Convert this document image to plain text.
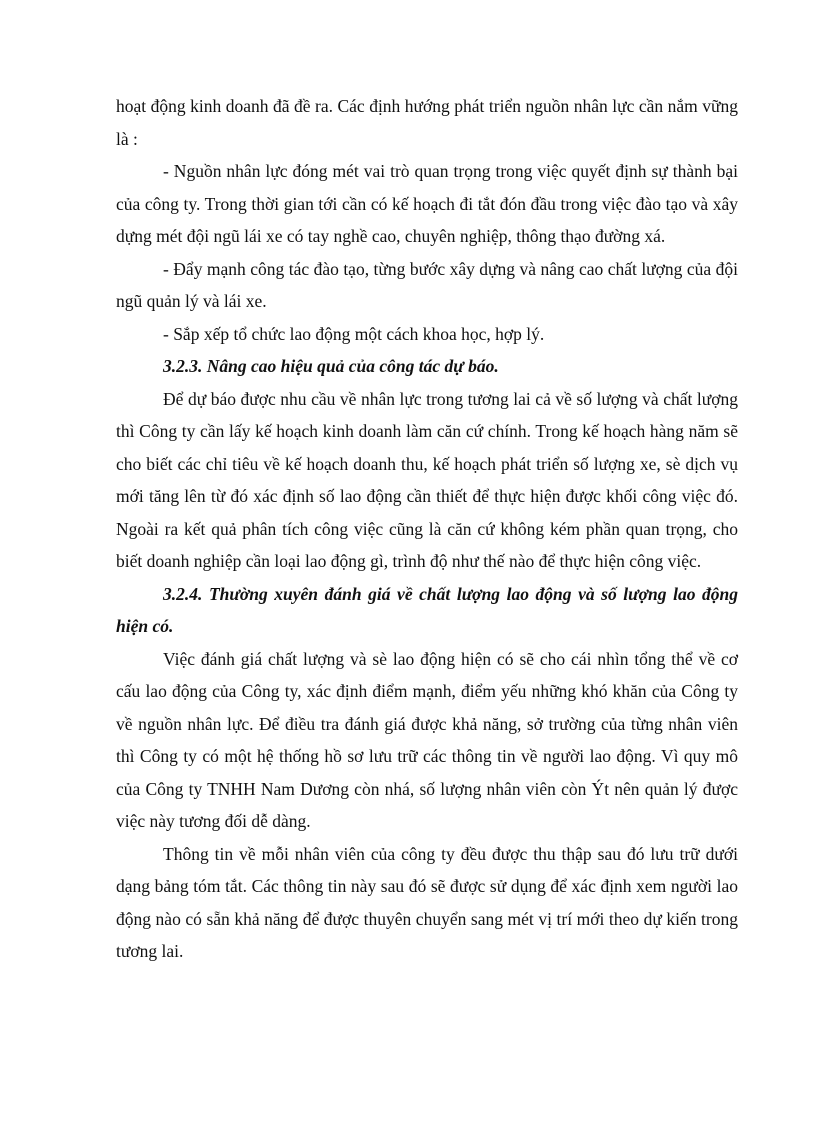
hoạt động kinh doanh đã đề ra. Các định hướng phát triển nguồn nhân lực cần nắm vững là :

- Nguồn nhân lực đóng mét vai trò quan trọng trong việc quyết định sự thành bại của công ty. Trong thời gian tới cần có kế hoạch đi tắt đón đầu trong việc đào tạo và xây dựng mét đội ngũ lái xe có tay nghề cao, chuyên nghiệp, thông thạo đường xá.

- Đẩy mạnh công tác đào tạo, từng bước xây dựng và nâng cao chất lượng của đội ngũ quản lý và lái xe.

- Sắp xếp tổ chức lao động một cách khoa học, hợp lý.

3.2.3. Nâng cao hiệu quả của công tác dự báo.

Để dự báo được nhu cầu về nhân lực trong tương lai cả về số lượng và chất lượng thì Công ty cần lấy kế hoạch kinh doanh làm căn cứ chính. Trong kế hoạch hàng năm sẽ cho biết các chỉ tiêu về kế hoạch doanh thu, kế hoạch phát triển số lượng xe, sè dịch vụ mới tăng lên từ đó xác định số lao động cần thiết để thực hiện được khối công việc đó. Ngoài ra kết quả phân tích công việc cũng là căn cứ không kém phần quan trọng, cho biết doanh nghiệp cần loại lao động gì, trình độ như thế nào để thực hiện công việc.

3.2.4. Thường xuyên đánh giá về chất lượng lao động và số lượng lao động hiện có.

Việc đánh giá chất lượng và sè lao động hiện có sẽ cho cái nhìn tổng thể về cơ cấu lao động của Công ty, xác định điểm mạnh, điểm yếu những khó khăn của Công ty về nguồn nhân lực. Để điều tra đánh giá được khả năng, sở trường của từng nhân viên thì Công ty có một hệ thống hồ sơ lưu trữ các thông tin về người lao động. Vì quy mô của Công ty TNHH Nam Dương còn nhá, số lượng nhân viên còn Ýt nên quản lý được việc này tương đối dễ dàng.

Thông tin về mỗi nhân viên của công ty đều được thu thập sau đó lưu trữ dưới dạng bảng tóm tắt. Các thông tin này sau đó sẽ được sử dụng để xác định xem người lao động nào có sẵn khả năng để được thuyên chuyển sang mét vị trí mới theo dự kiến trong tương lai.
